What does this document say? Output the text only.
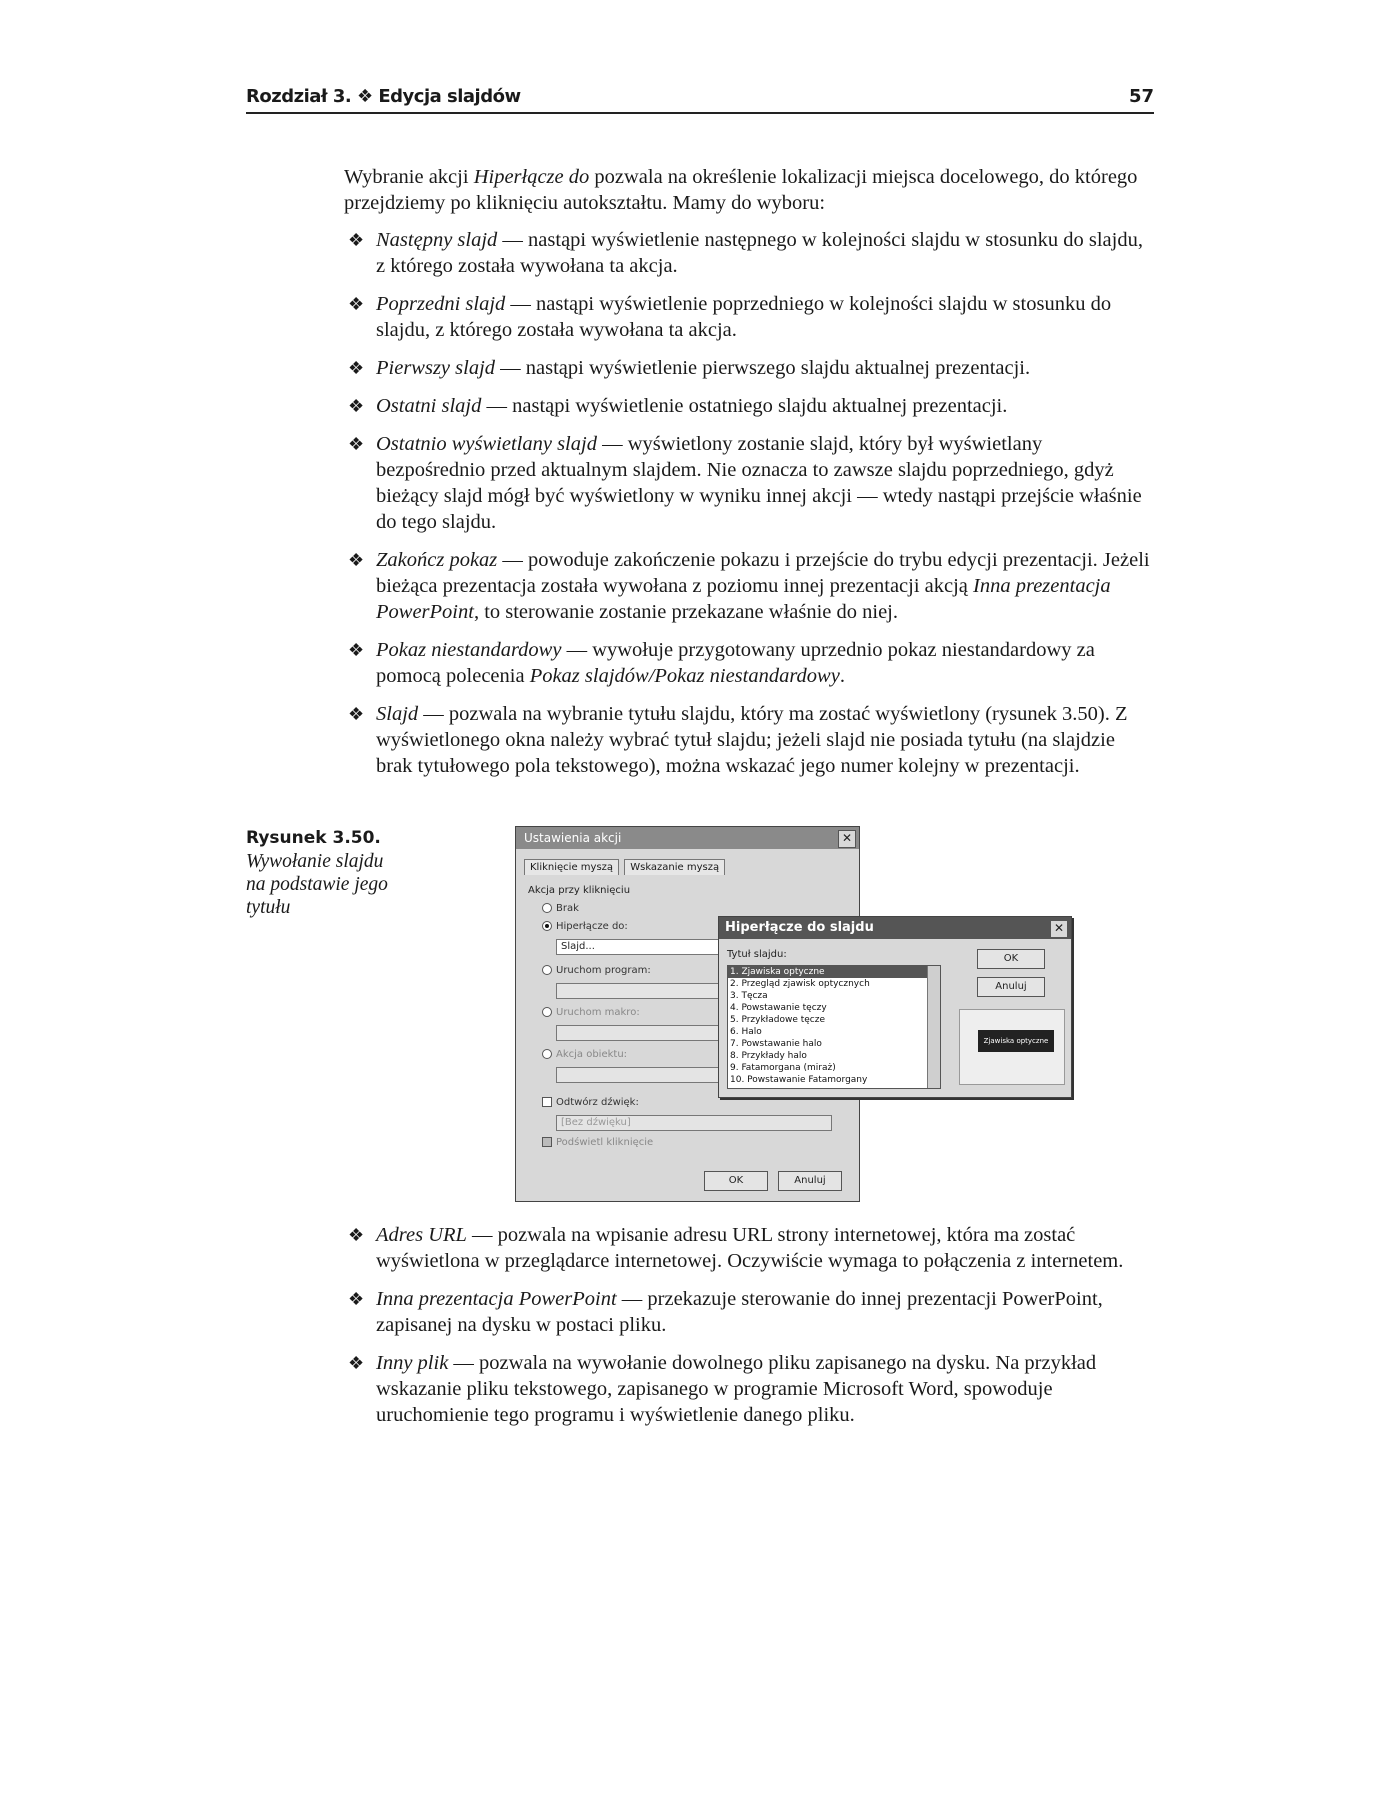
Rozdział 3. ❖ Edycja slajdów	57

Wybranie akcji Hiperłącze do pozwala na określenie lokalizacji miejsca docelowego, do którego przejdziemy po kliknięciu autokształtu. Mamy do wyboru:

❖ Następny slajd — nastąpi wyświetlenie następnego w kolejności slajdu w stosunku do slajdu, z którego została wywołana ta akcja.
❖ Poprzedni slajd — nastąpi wyświetlenie poprzedniego w kolejności slajdu w stosunku do slajdu, z którego została wywołana ta akcja.
❖ Pierwszy slajd — nastąpi wyświetlenie pierwszego slajdu aktualnej prezentacji.
❖ Ostatni slajd — nastąpi wyświetlenie ostatniego slajdu aktualnej prezentacji.
❖ Ostatnio wyświetlany slajd — wyświetlony zostanie slajd, który był wyświetlany bezpośrednio przed aktualnym slajdem. Nie oznacza to zawsze slajdu poprzedniego, gdyż bieżący slajd mógł być wyświetlony w wyniku innej akcji — wtedy nastąpi przejście właśnie do tego slajdu.
❖ Zakończ pokaz — powoduje zakończenie pokazu i przejście do trybu edycji prezentacji. Jeżeli bieżąca prezentacja została wywołana z poziomu innej prezentacji akcją Inna prezentacja PowerPoint, to sterowanie zostanie przekazane właśnie do niej.
❖ Pokaz niestandardowy — wywołuje przygotowany uprzednio pokaz niestandardowy za pomocą polecenia Pokaz slajdów/Pokaz niestandardowy.
❖ Slajd — pozwala na wybranie tytułu slajdu, który ma zostać wyświetlony (rysunek 3.50). Z wyświetlonego okna należy wybrać tytuł slajdu; jeżeli slajd nie posiada tytułu (na slajdzie brak tytułowego pola tekstowego), można wskazać jego numer kolejny w prezentacji.
Rysunek 3.50.
Wywołanie slajdu na podstawie jego tytułu
Ustawienia akcji	✕
Kliknięcie myszą Wskazanie myszą
Akcja przy kliknięciu
Brak
Hiperłącze do:
Slajd...
Uruchom program:
Uruchom makro:
Akcja obiektu:
Odtwórz dźwięk:
[Bez dźwięku]
Podświetl kliknięcie
OK	Anuluj
Hiperłącze do slajdu	✕
Tytuł slajdu:
1. Zjawiska optyczne
2. Przegląd zjawisk optycznych
3. Tęcza
4. Powstawanie tęczy
5. Przykładowe tęcze
6. Halo
7. Powstawanie halo
8. Przykłady halo
9. Fatamorgana (miraż)
10. Powstawanie Fatamorgany
OK
Anuluj
Zjawiska optyczne
❖ Adres URL — pozwala na wpisanie adresu URL strony internetowej, która ma zostać wyświetlona w przeglądarce internetowej. Oczywiście wymaga to połączenia z internetem.
❖ Inna prezentacja PowerPoint — przekazuje sterowanie do innej prezentacji PowerPoint, zapisanej na dysku w postaci pliku.
❖ Inny plik — pozwala na wywołanie dowolnego pliku zapisanego na dysku. Na przykład wskazanie pliku tekstowego, zapisanego w programie Microsoft Word, spowoduje uruchomienie tego programu i wyświetlenie danego pliku.
